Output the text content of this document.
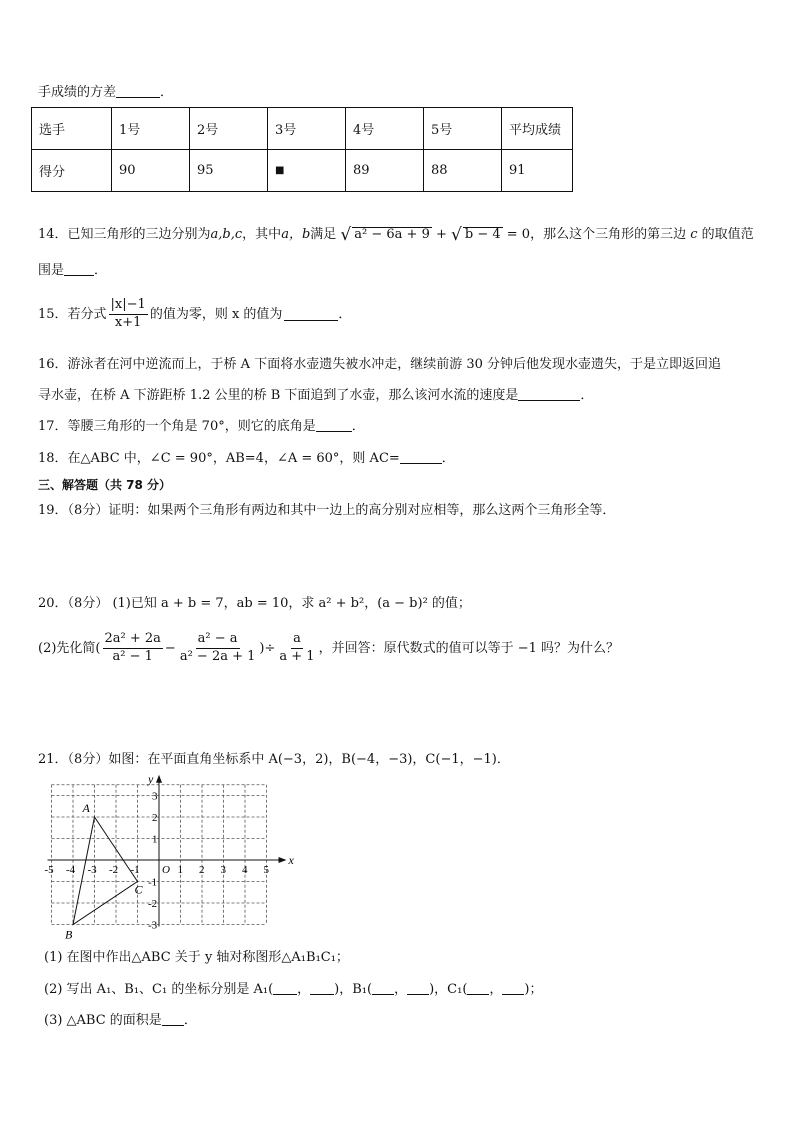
手成绩的方差	．
选手	1号	2号	3号	4号	5号	平均成绩
得分	90	95	■	89	88	91
14．已知三角形的三边分别为a,b,c，其中a，b满足 √ a² − 6a + 9 + √ b − 4 = 0，那么这个三角形的第三边 c 的取值范
围是 ．
15．若分式 $\frac{|x|-1}{x+1}$ 的值为零，则 x 的值为	．
16．游泳者在河中逆流而上，于桥 A 下面将水壶遗失被水冲走，继续前游 30 分钟后他发现水壶遗失，于是立即返回追
寻水壶，在桥 A 下游距桥 1.2 公里的桥 B 下面追到了水壶，那么该河水流的速度是	．
17．等腰三角形的一个角是 70°，则它的底角是	．
18．在△ABC 中，∠C = 90°，AB=4，∠A = 60°，则 AC=	．
三、解答题（共 78 分）
19．（8分）证明：如果两个三角形有两边和其中一边上的高分别对应相等，那么这两个三角形全等．
20．（8分） (1)已知 a + b = 7，ab = 10，求 a² + b²，(a − b)² 的值；
(2)先化简( $\frac{\text{2a² + 2a}}{\text{a² − 1}} - \frac{\text{a² − a}}{\text{a² − 2a + 1}}$ )÷ $\frac{a}{a + 1}$ ，并回答：原代数式的值可以等于 −1 吗？为什么？
21．（8分）如图：在平面直角坐标系中 A(−3，2)，B(−4，−3)，C(−1，−1)．
x
y
-5 -4 -3 -2 -1	1 2 3 4 5
3
2
1
-1
-2
-3
O
A
B
C
(1) 在图中作出△ABC 关于 y 轴对称图形△A₁B₁C₁；
(2) 写出 A₁、B₁、C₁ 的坐标分别是 A₁( ， )，B₁( ， )，C₁( ， )；
(3) △ABC 的面积是 ．
